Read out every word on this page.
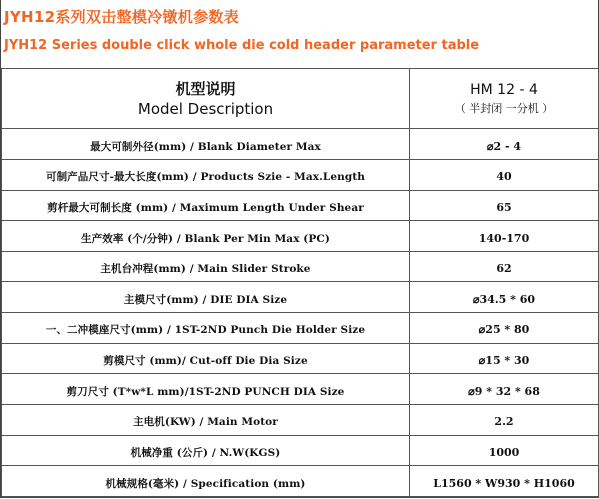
JYH12系列双击整模冷镦机参数表
JYH12 Series double click whole die cold header parameter table
机型说明
Model Description	HM 12 - 4
（ 半封闭 一分机 ）

最大可制外径(mm) / Blank Diameter Max	⌀2 - 4
可制产品尺寸-最大长度(mm) / Products Szie - Max.Length	40
剪杆最大可制长度 (mm) / Maximum Length Under Shear	65
生产效率 (个/分钟) / Blank Per Min Max (PC)	140-170
主机台冲程(mm) / Main Slider Stroke	62
主模尺寸(mm) / DIE DIA Size	⌀34.5 * 60
一、二冲模座尺寸(mm) / 1ST-2ND Punch Die Holder Size	⌀25 * 80
剪模尺寸 (mm)/ Cut-off Die Dia Size	⌀15 * 30
剪刀尺寸 (T*w*L mm)/1ST-2ND PUNCH DIA Size	⌀9 * 32 * 68
主电机(KW) / Main Motor	2.2
机械净重 (公斤) / N.W(KGS)	1000
机械规格(毫米) / Specification (mm)	L1560 * W930 * H1060
